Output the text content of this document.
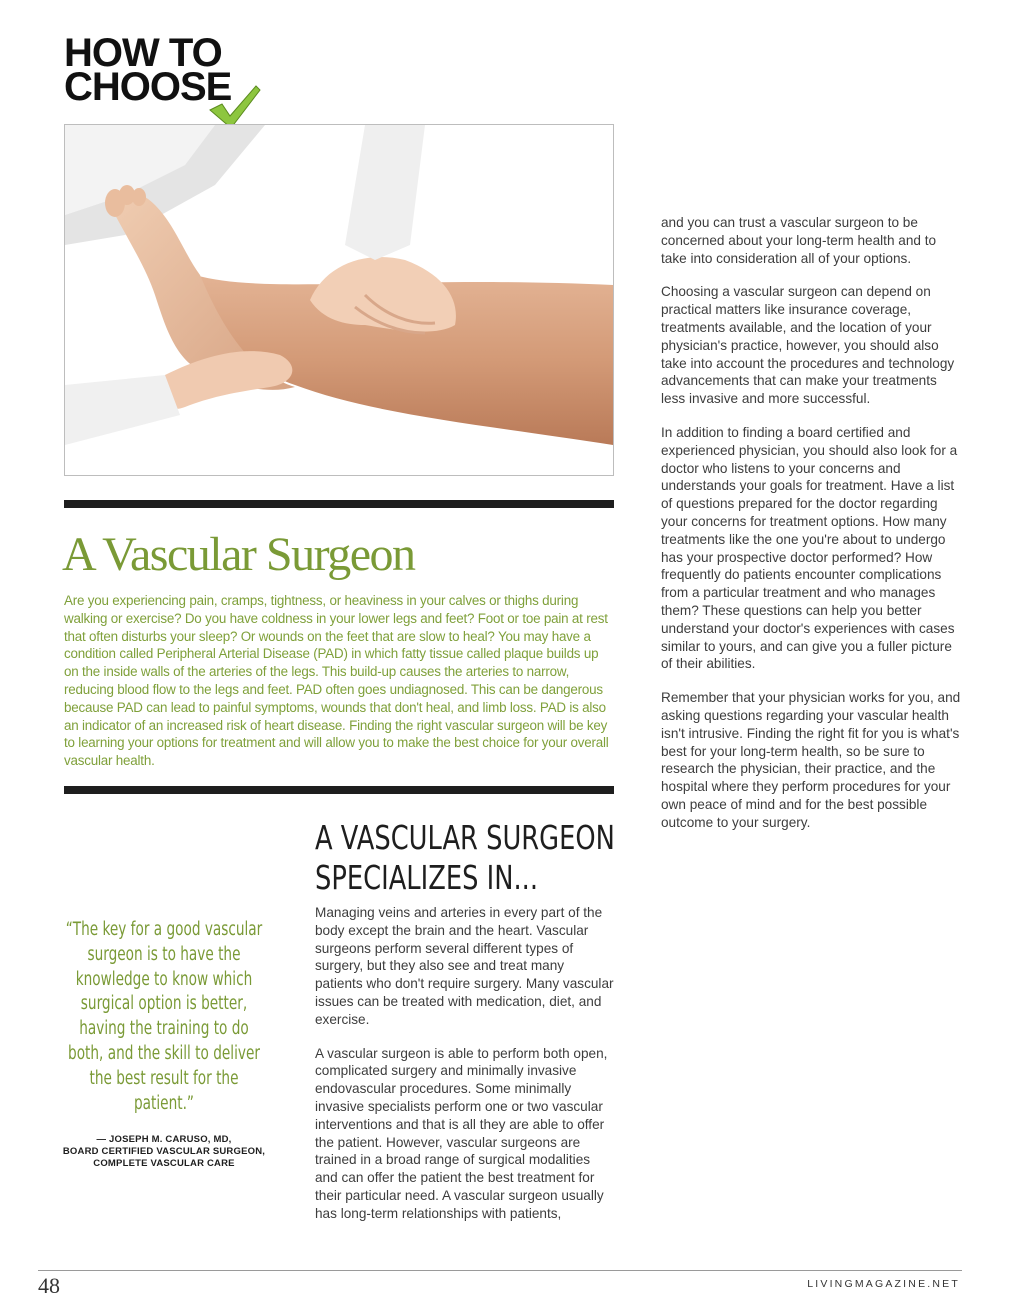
HOW TO
CHOOSE
A Vascular Surgeon
Are you experiencing pain, cramps, tightness, or heaviness in your calves or thighs during walking or exercise? Do you have coldness in your lower legs and feet? Foot or toe pain at rest that often disturbs your sleep? Or wounds on the feet that are slow to heal? You may have a condition called Peripheral Arterial Disease (PAD) in which fatty tissue called plaque builds up on the inside walls of the arteries of the legs. This build-up causes the arteries to narrow, reducing blood flow to the legs and feet. PAD often goes undiagnosed. This can be dangerous because PAD can lead to painful symptoms, wounds that don't heal, and limb loss. PAD is also an indicator of an increased risk of heart disease. Finding the right vascular surgeon will be key to learning your options for treatment and will allow you to make the best choice for your overall vascular health.
A VASCULAR SURGEON
SPECIALIZES IN...

Managing veins and arteries in every part of the body except the brain and the heart. Vascular surgeons perform several different types of surgery, but they also see and treat many patients who don't require surgery. Many vascular issues can be treated with medication, diet, and exercise.

A vascular surgeon is able to perform both open, complicated surgery and minimally invasive endovascular procedures. Some minimally invasive specialists perform one or two vascular interventions and that is all they are able to offer the patient. However, vascular surgeons are trained in a broad range of surgical modalities and can offer the patient the best treatment for their particular need. A vascular surgeon usually has long-term relationships with patients,

and you can trust a vascular surgeon to be concerned about your long-term health and to take into consideration all of your options.

Choosing a vascular surgeon can depend on practical matters like insurance coverage, treatments available, and the location of your physician's practice, however, you should also take into account the procedures and technology advancements that can make your treatments less invasive and more successful.

In addition to finding a board certified and experienced physician, you should also look for a doctor who listens to your concerns and understands your goals for treatment. Have a list of questions prepared for the doctor regarding your concerns for treatment options. How many treatments like the one you're about to undergo has your prospective doctor performed? How frequently do patients encounter complications from a particular treatment and who manages them? These questions can help you better understand your doctor's experiences with cases similar to yours, and can give you a fuller picture of their abilities.

Remember that your physician works for you, and asking questions regarding your vascular health isn't intrusive. Finding the right fit for you is what's best for your long-term health, so be sure to research the physician, their practice, and the hospital where they perform procedures for your own peace of mind and for the best possible outcome to your surgery.

“The key for a good vascular surgeon is to have the knowledge to know which surgical option is better, having the training to do both, and the skill to deliver the best result for the patient.”
— JOSEPH M. CARUSO, MD,
BOARD CERTIFIED VASCULAR SURGEON,
COMPLETE VASCULAR CARE
48	LIVINGMAGAZINE.NET
